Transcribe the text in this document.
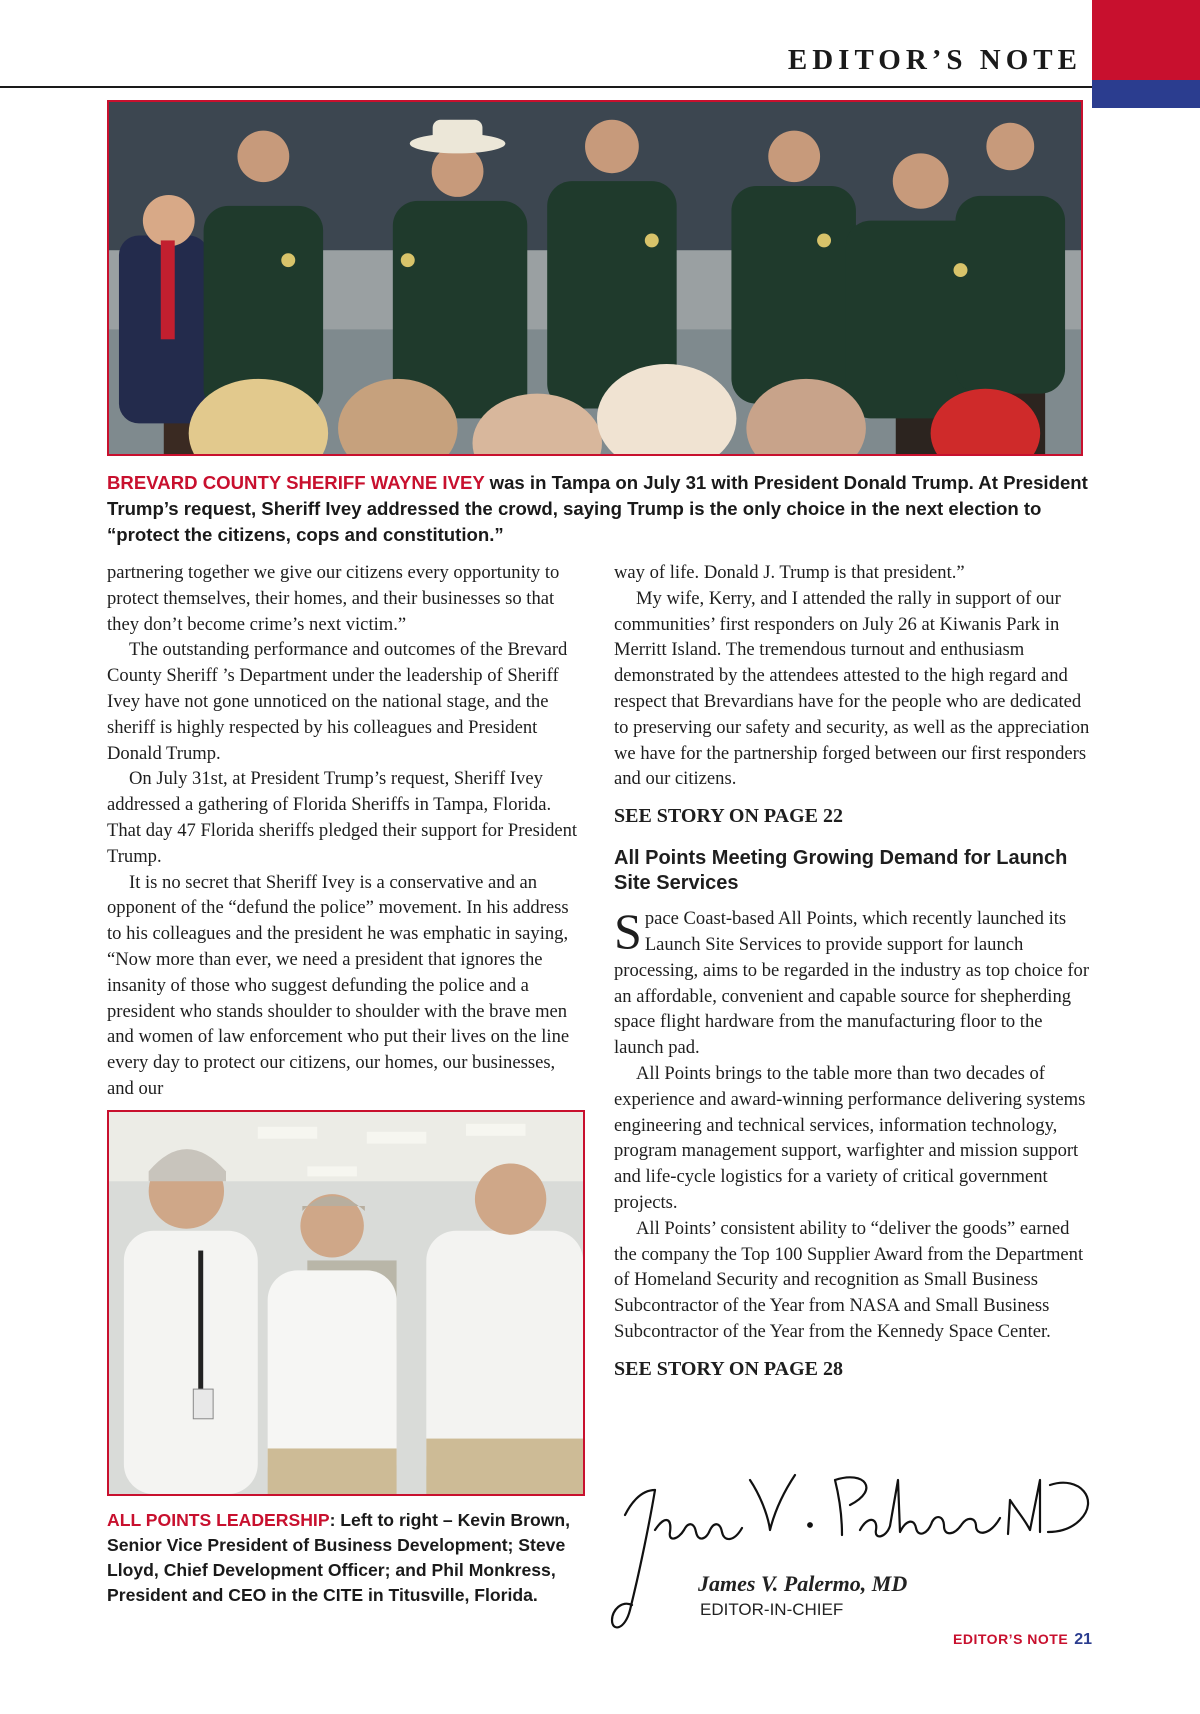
EDITOR’S NOTE
BREVARD COUNTY SHERIFF WAYNE IVEY was in Tampa on July 31 with President Donald Trump. At President Trump’s request, Sheriff Ivey addressed the crowd, saying Trump is the only choice in the next election to “protect the citizens, cops and constitution.”

partnering together we give our citizens every opportunity to protect themselves, their homes, and their businesses so that they don’t become crime’s next victim.”

The outstanding performance and outcomes of the Brevard County Sheriff ’s Department under the leadership of Sheriff Ivey have not gone unnoticed on the national stage, and the sheriff is highly respected by his colleagues and President Donald Trump.

On July 31st, at President Trump’s request, Sheriff Ivey addressed a gathering of Florida Sheriffs in Tampa, Florida. That day 47 Florida sheriffs pledged their support for President Trump.

It is no secret that Sheriff Ivey is a conservative and an opponent of the “defund the police” movement. In his address to his colleagues and the president he was emphatic in saying, “Now more than ever, we need a president that ignores the insanity of those who suggest defunding the police and a president who stands shoulder to shoulder with the brave men and women of law enforcement who put their lives on the line every day to protect our citizens, our homes, our businesses, and our

way of life. Donald J. Trump is that president.”

My wife, Kerry, and I attended the rally in support of our communities’ first responders on July 26 at Kiwanis Park in Merritt Island. The tremendous turnout and enthusiasm demonstrated by the attendees attested to the high regard and respect that Brevardians have for the people who are dedicated to preserving our safety and security, as well as the appreciation we have for the partnership forged between our first responders and our citizens.

SEE STORY ON PAGE 22

All Points Meeting Growing Demand for Launch Site Services

Space Coast-based All Points, which recently launched its Launch Site Services to provide support for launch processing, aims to be regarded in the industry as top choice for an affordable, convenient and capable source for shepherding space flight hardware from the manufacturing floor to the launch pad.

All Points brings to the table more than two decades of experience and award-winning performance delivering systems engineering and technical services, information technology, program management support, warfighter and mission support and life-cycle logistics for a variety of critical government projects.

All Points’ consistent ability to “deliver the goods” earned the company the Top 100 Supplier Award from the Department of Homeland Security and recognition as Small Business Subcontractor of the Year from NASA and Small Business Subcontractor of the Year from the Kennedy Space Center.

SEE STORY ON PAGE 28

ALL POINTS LEADERSHIP: Left to right – Kevin Brown, Senior Vice President of Business Development; Steve Lloyd, Chief Development Officer; and Phil Monkress, President and CEO in the CITE in Titusville, Florida.	James V. Palermo, MD
EDITOR-IN-CHIEF
EDITOR’S NOTE 21
